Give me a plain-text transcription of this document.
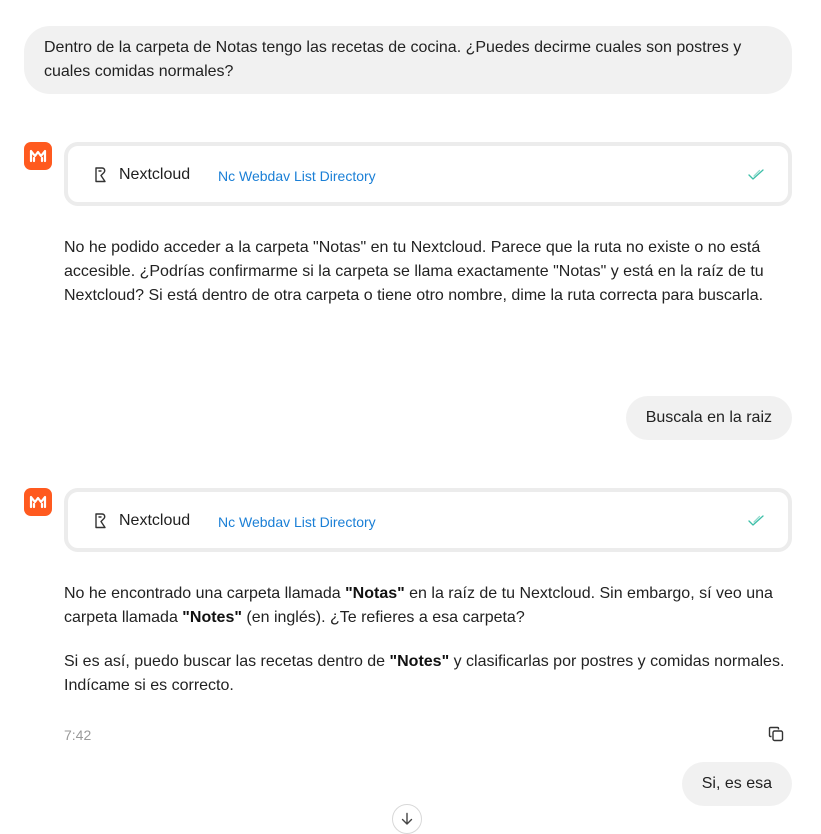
Dentro de la carpeta de Notas tengo las recetas de cocina. ¿Puedes decirme cuales son postres y cuales comidas normales?
Nextcloud Nc Webdav List Directory

No he podido acceder a la carpeta "Notas" en tu Nextcloud. Parece que la ruta no existe o no está accesible. ¿Podrías confirmarme si la carpeta se llama exactamente "Notas" y está en la raíz de tu Nextcloud? Si está dentro de otra carpeta o tiene otro nombre, dime la ruta correcta para buscarla.

Buscala en la raiz
Nextcloud Nc Webdav List Directory

No he encontrado una carpeta llamada "Notas" en la raíz de tu Nextcloud. Sin embargo, sí veo una carpeta llamada "Notes" (en inglés). ¿Te refieres a esa carpeta?

Si es así, puedo buscar las recetas dentro de "Notes" y clasificarlas por postres y comidas normales. Indícame si es correcto.

7:42
Si, es esa
